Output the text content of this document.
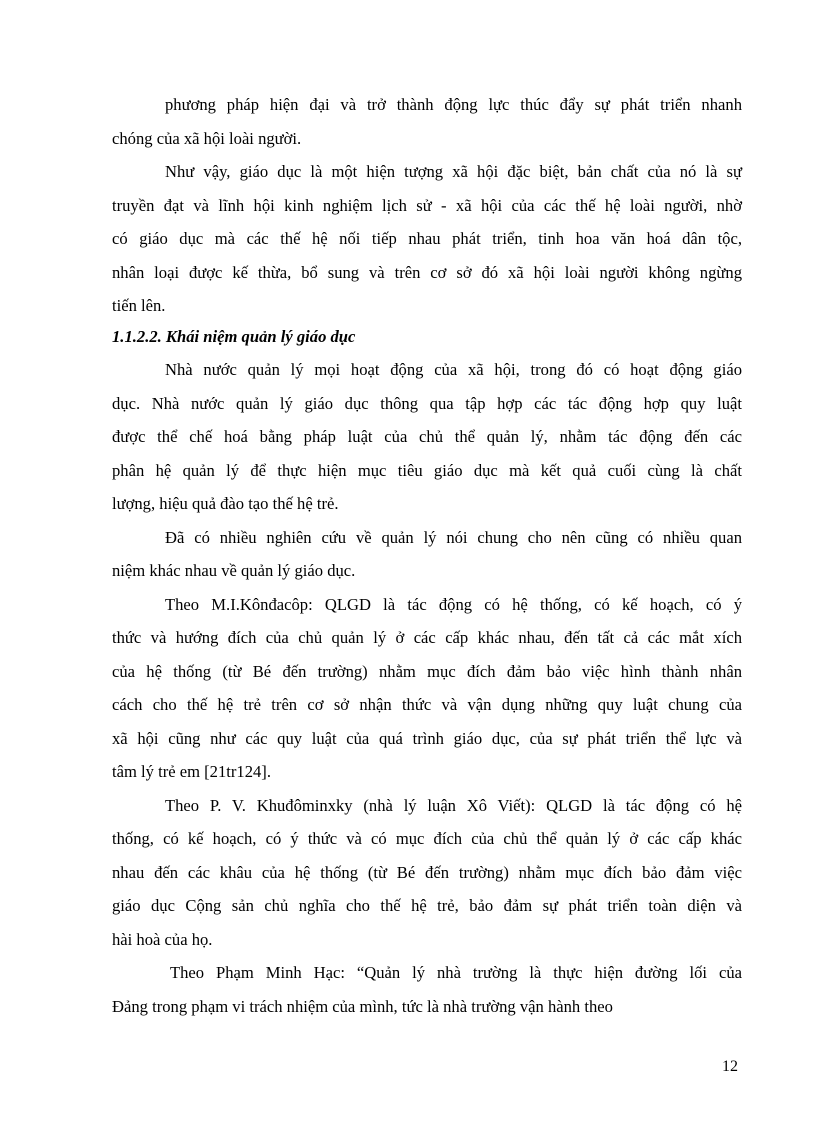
phương pháp hiện đại và trở thành động lực thúc đẩy sự phát triển nhanh
chóng của xã hội loài người.
Như vậy, giáo dục là một hiện tượng xã hội đặc biệt, bản chất của nó là sự
truyền đạt và lĩnh hội kinh nghiệm lịch sử - xã hội của các thế hệ loài người, nhờ
có giáo dục mà các thế hệ nối tiếp nhau phát triển, tinh hoa văn hoá dân tộc,
nhân loại được kế thừa, bổ sung và trên cơ sở đó xã hội loài người không ngừng
tiến lên.
1.1.2.2. Khái niệm quản lý giáo dục
Nhà nước quản lý mọi hoạt động của xã hội, trong đó có hoạt động giáo
dục. Nhà nước quản lý giáo dục thông qua tập hợp các tác động hợp quy luật
được thể chế hoá bằng pháp luật của chủ thể quản lý, nhằm tác động đến các
phân hệ quản lý để thực hiện mục tiêu giáo dục mà kết quả cuối cùng là chất
lượng, hiệu quả đào tạo thế hệ trẻ.
Đã có nhiều nghiên cứu về quản lý nói chung cho nên cũng có nhiều quan
niệm khác nhau về quản lý giáo dục.
Theo M.I.Kônđacôp: QLGD là tác động có hệ thống, có kế hoạch, có ý
thức và hướng đích của chủ quản lý ở các cấp khác nhau, đến tất cả các mắt xích
của hệ thống (từ Bé đến trường) nhằm mục đích đảm bảo việc hình thành nhân
cách cho thế hệ trẻ trên cơ sở nhận thức và vận dụng những quy luật chung của
xã hội cũng như các quy luật của quá trình giáo dục, của sự phát triển thể lực và
tâm lý trẻ em [21tr124].
Theo P. V. Khuđôminxky (nhà lý luận Xô Viết): QLGD là tác động có hệ
thống, có kế hoạch, có ý thức và có mục đích của chủ thể quản lý ở các cấp khác
nhau đến các khâu của hệ thống (từ Bé đến trường) nhằm mục đích bảo đảm việc
giáo dục Cộng sản chủ nghĩa cho thế hệ trẻ, bảo đảm sự phát triển toàn diện và
hài hoà của họ.
Theo Phạm Minh Hạc: “Quản lý nhà trường là thực hiện đường lối của
Đảng trong phạm vi trách nhiệm của mình, tức là nhà trường vận hành theo
12
